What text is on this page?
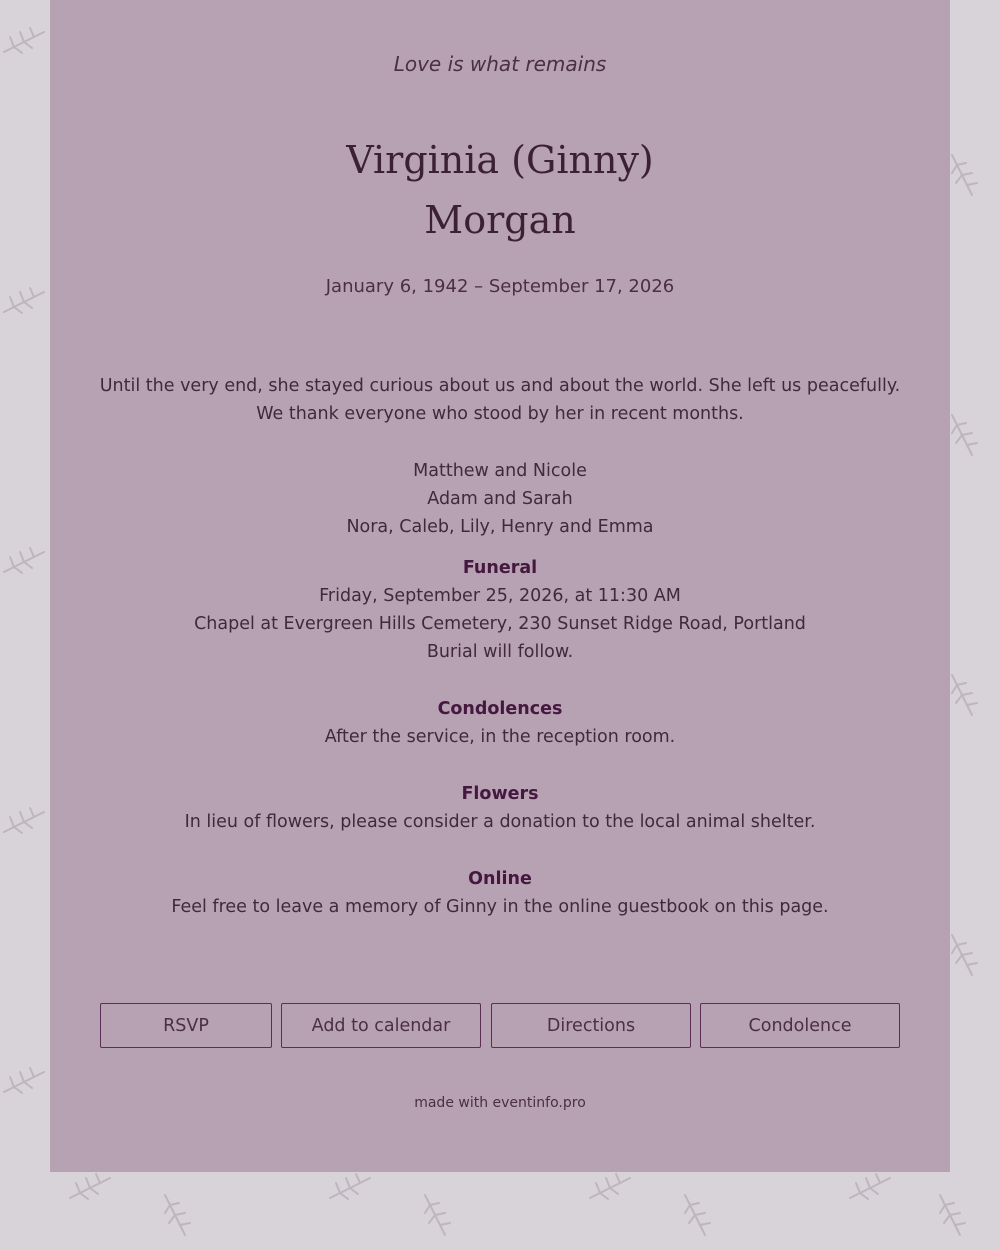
Love is what remains
Virginia (Ginny)
Morgan
January 6, 1942 – September 17, 2026

Until the very end, she stayed curious about us and about the world. She left us peacefully.

We thank everyone who stood by her in recent months.

Matthew and Nicole

Adam and Sarah

Nora, Caleb, Lily, Henry and Emma

Funeral

Friday, September 25, 2026, at 11:30 AM

Chapel at Evergreen Hills Cemetery, 230 Sunset Ridge Road, Portland

Burial will follow.

Condolences

After the service, in the reception room.

Flowers

In lieu of flowers, please consider a donation to the local animal shelter.

Online

Feel free to leave a memory of Ginny in the online guestbook on this page.

RSVP	Add to calendar	Directions	Condolence
made with eventinfo.pro
